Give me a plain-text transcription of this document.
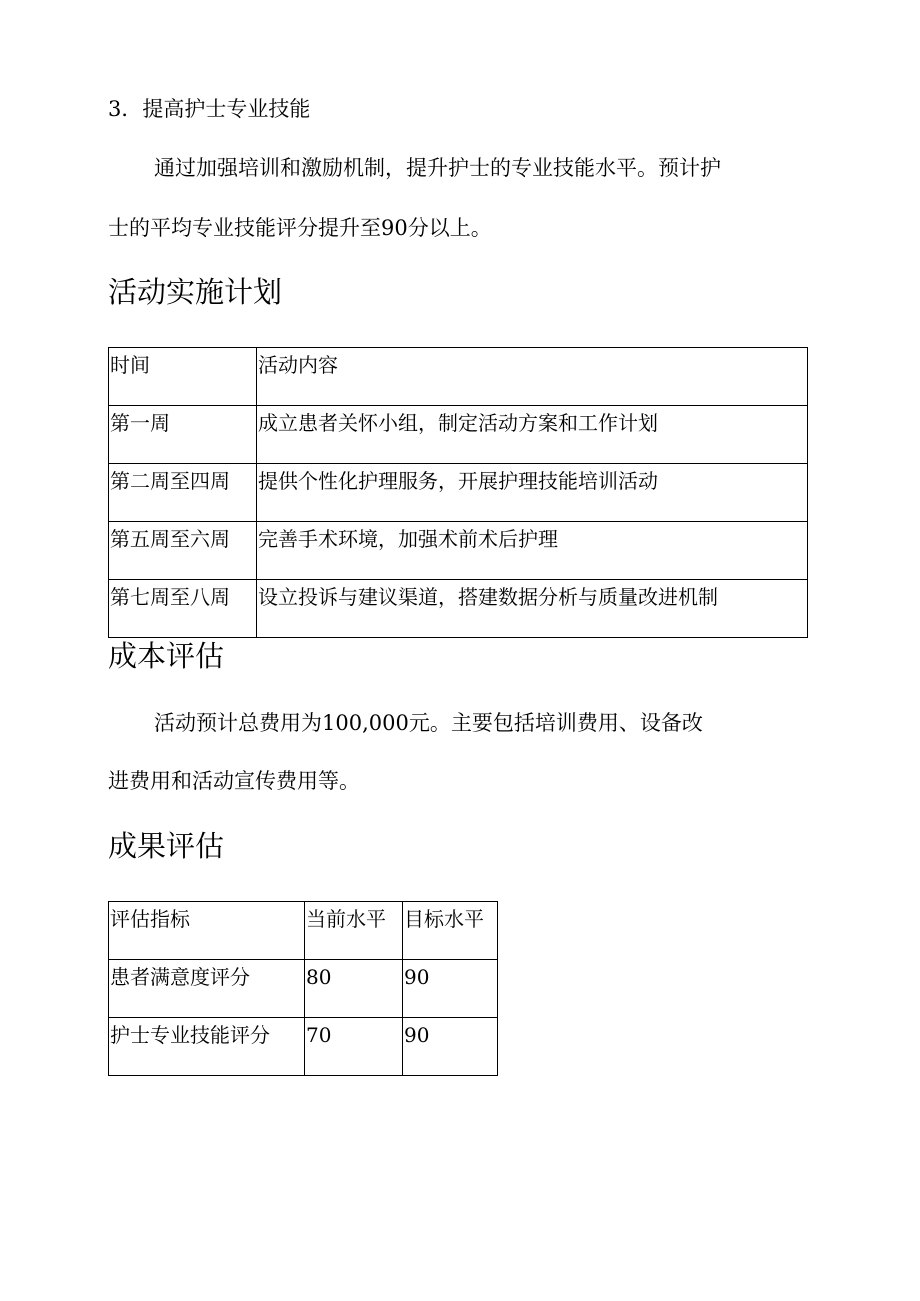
3．提高护士专业技能
通过加强培训和激励机制，提升护士的专业技能水平。预计护
士的平均专业技能评分提升至90分以上。
活动实施计划
时间	活动内容
第一周	成立患者关怀小组，制定活动方案和工作计划
第二周至四周	提供个性化护理服务，开展护理技能培训活动
第五周至六周	完善手术环境，加强术前术后护理
第七周至八周	设立投诉与建议渠道，搭建数据分析与质量改进机制
成本评估
活动预计总费用为100,000元。主要包括培训费用、设备改
进费用和活动宣传费用等。
成果评估
评估指标	当前水平	目标水平
患者满意度评分	80	90
护士专业技能评分	70	90
